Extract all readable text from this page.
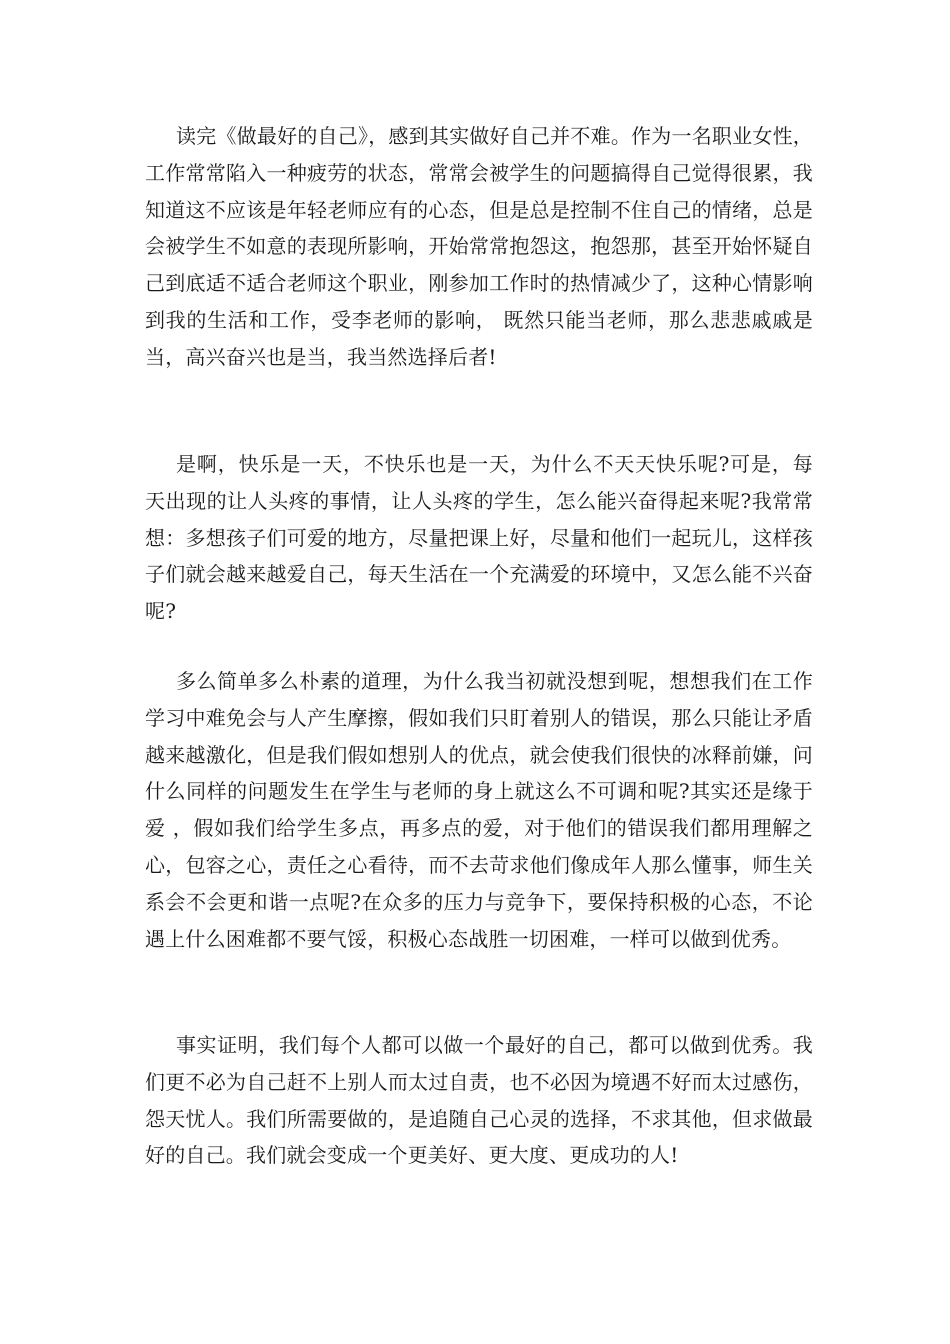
读完《做最好的自己》，感到其实做好自己并不难。作为一名职业女性，工作常常陷入一种疲劳的状态，常常会被学生的问题搞得自己觉得很累，我知道这不应该是年轻老师应有的心态，但是总是控制不住自己的情绪，总是会被学生不如意的表现所影响，开始常常抱怨这，抱怨那，甚至开始怀疑自己到底适不适合老师这个职业，刚参加工作时的热情减少了，这种心情影响到我的生活和工作，受李老师的影响， 既然只能当老师，那么悲悲戚戚是当，高兴奋兴也是当，我当然选择后者!

是啊，快乐是一天，不快乐也是一天，为什么不天天快乐呢?可是，每天出现的让人头疼的事情，让人头疼的学生，怎么能兴奋得起来呢?我常常想：多想孩子们可爱的地方，尽量把课上好，尽量和他们一起玩儿，这样孩子们就会越来越爱自己，每天生活在一个充满爱的环境中，又怎么能不兴奋呢?

多么简单多么朴素的道理，为什么我当初就没想到呢，想想我们在工作学习中难免会与人产生摩擦，假如我们只盯着别人的错误，那么只能让矛盾越来越激化，但是我们假如想别人的优点，就会使我们很快的冰释前嫌，问什么同样的问题发生在学生与老师的身上就这么不可调和呢?其实还是缘于 爱 ，假如我们给学生多点，再多点的爱，对于他们的错误我们都用理解之心，包容之心，责任之心看待，而不去苛求他们像成年人那么懂事，师生关系会不会更和谐一点呢?在众多的压力与竞争下，要保持积极的心态，不论遇上什么困难都不要气馁，积极心态战胜一切困难，一样可以做到优秀。

事实证明，我们每个人都可以做一个最好的自己，都可以做到优秀。我们更不必为自己赶不上别人而太过自责，也不必因为境遇不好而太过感伤，怨天忧人。我们所需要做的，是追随自己心灵的选择，不求其他，但求做最好的自己。我们就会变成一个更美好、更大度、更成功的人!
